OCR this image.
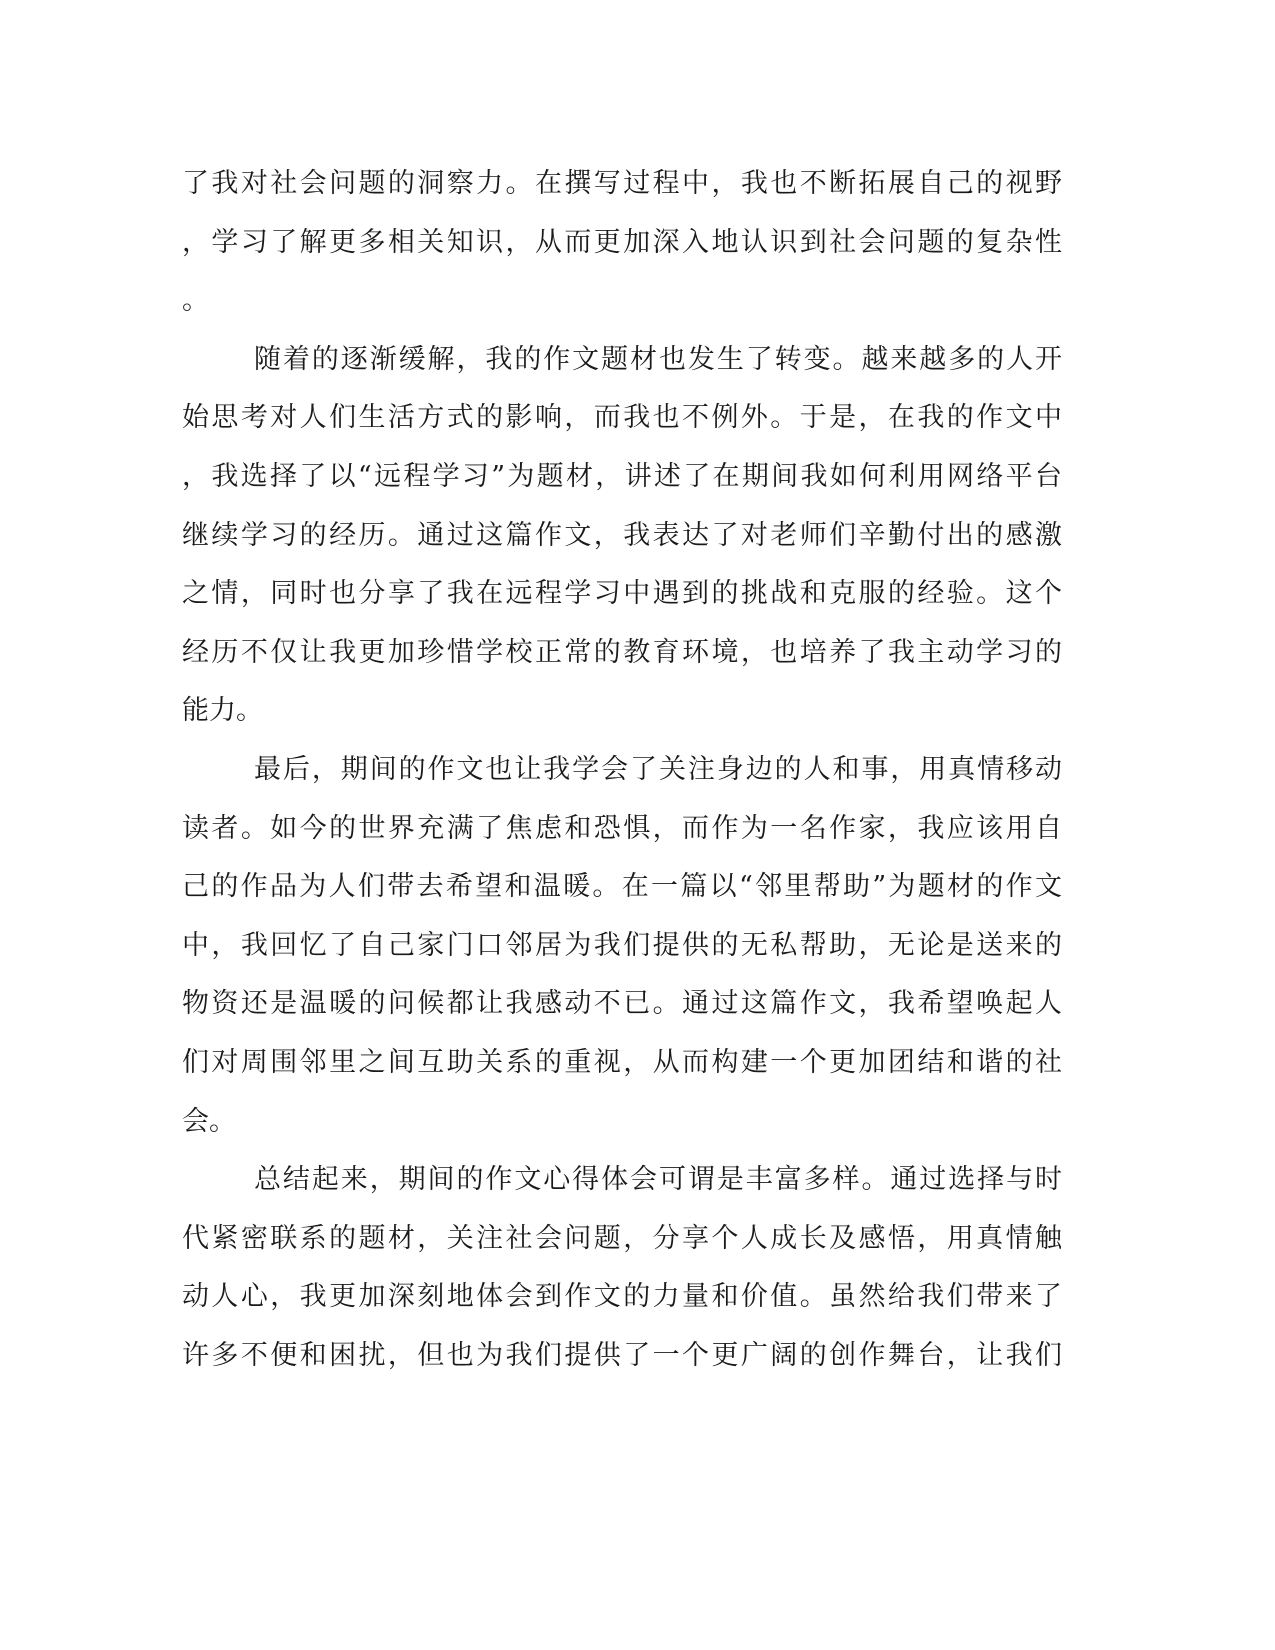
了我对社会问题的洞察力。在撰写过程中，我也不断拓展自己的视野
，学习了解更多相关知识，从而更加深入地认识到社会问题的复杂性
。
随着的逐渐缓解，我的作文题材也发生了转变。越来越多的人开
始思考对人们生活方式的影响，而我也不例外。于是，在我的作文中
，我选择了以“远程学习”为题材，讲述了在期间我如何利用网络平台
继续学习的经历。通过这篇作文，我表达了对老师们辛勤付出的感激
之情，同时也分享了我在远程学习中遇到的挑战和克服的经验。这个
经历不仅让我更加珍惜学校正常的教育环境，也培养了我主动学习的
能力。
最后，期间的作文也让我学会了关注身边的人和事，用真情移动
读者。如今的世界充满了焦虑和恐惧，而作为一名作家，我应该用自
己的作品为人们带去希望和温暖。在一篇以“邻里帮助”为题材的作文
中，我回忆了自己家门口邻居为我们提供的无私帮助，无论是送来的
物资还是温暖的问候都让我感动不已。通过这篇作文，我希望唤起人
们对周围邻里之间互助关系的重视，从而构建一个更加团结和谐的社
会。
总结起来，期间的作文心得体会可谓是丰富多样。通过选择与时
代紧密联系的题材，关注社会问题，分享个人成长及感悟，用真情触
动人心，我更加深刻地体会到作文的力量和价值。虽然给我们带来了
许多不便和困扰，但也为我们提供了一个更广阔的创作舞台，让我们
